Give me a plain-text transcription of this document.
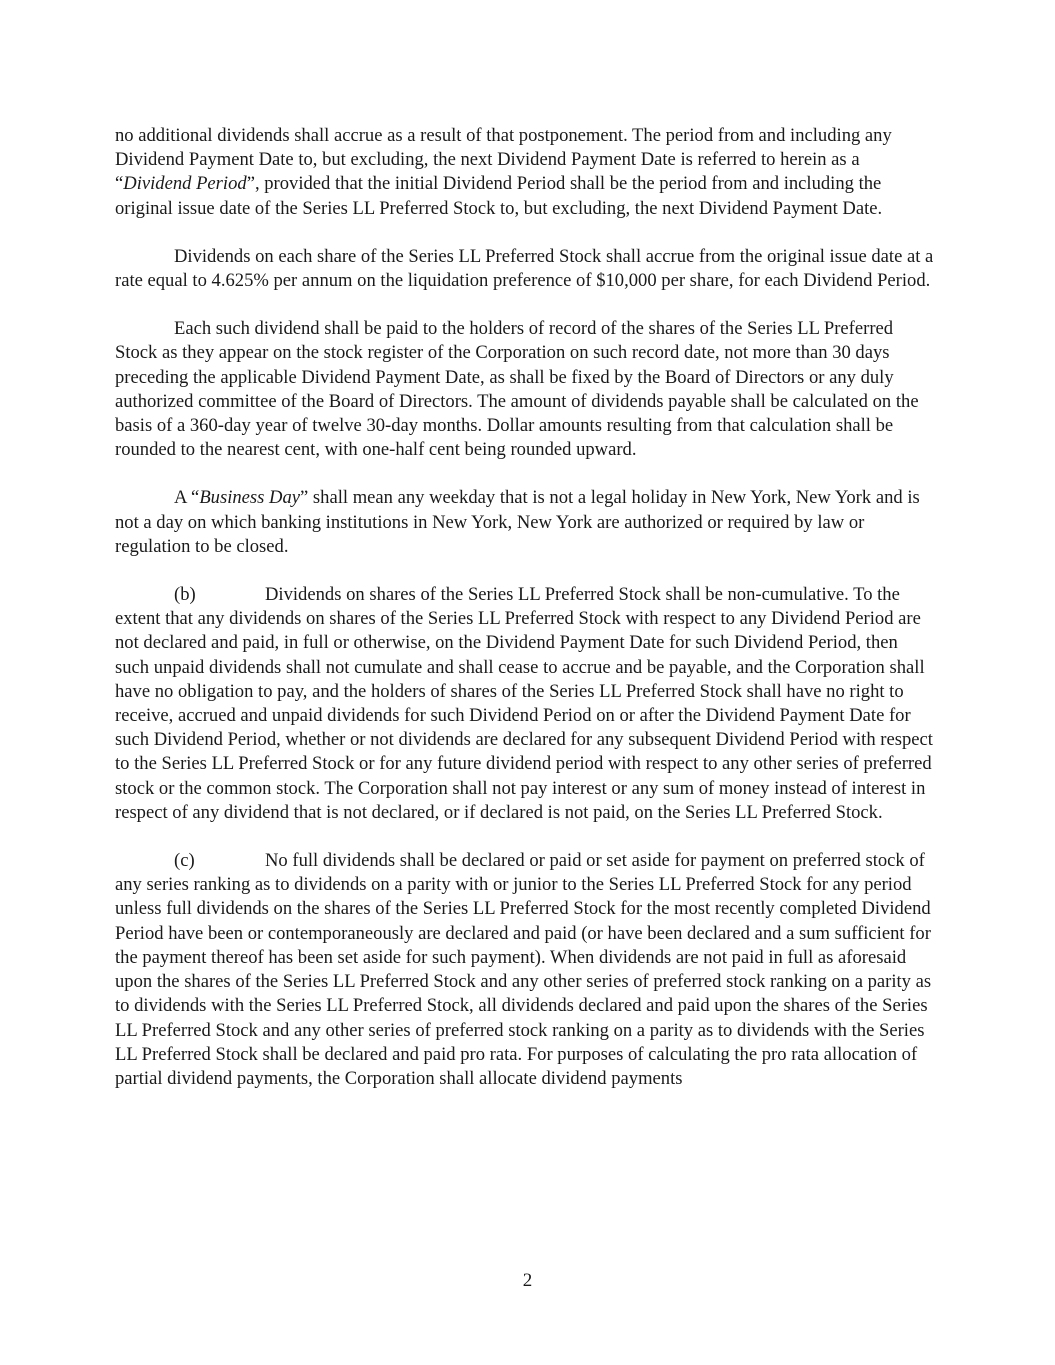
no additional dividends shall accrue as a result of that postponement. The period from and including any Dividend Payment Date to, but excluding, the next Dividend Payment Date is referred to herein as a “Dividend Period”, provided that the initial Dividend Period shall be the period from and including the original issue date of the Series LL Preferred Stock to, but excluding, the next Dividend Payment Date.

Dividends on each share of the Series LL Preferred Stock shall accrue from the original issue date at a rate equal to 4.625% per annum on the liquidation preference of $10,000 per share, for each Dividend Period.

Each such dividend shall be paid to the holders of record of the shares of the Series LL Preferred Stock as they appear on the stock register of the Corporation on such record date, not more than 30 days preceding the applicable Dividend Payment Date, as shall be fixed by the Board of Directors or any duly authorized committee of the Board of Directors. The amount of dividends payable shall be calculated on the basis of a 360-day year of twelve 30-day months. Dollar amounts resulting from that calculation shall be rounded to the nearest cent, with one-half cent being rounded upward.

A “Business Day” shall mean any weekday that is not a legal holiday in New York, New York and is not a day on which banking institutions in New York, New York are authorized or required by law or regulation to be closed.

(b)	Dividends on shares of the Series LL Preferred Stock shall be non-cumulative. To the extent that any dividends on shares of the Series LL Preferred Stock with respect to any Dividend Period are not declared and paid, in full or otherwise, on the Dividend Payment Date for such Dividend Period, then such unpaid dividends shall not cumulate and shall cease to accrue and be payable, and the Corporation shall have no obligation to pay, and the holders of shares of the Series LL Preferred Stock shall have no right to receive, accrued and unpaid dividends for such Dividend Period on or after the Dividend Payment Date for such Dividend Period, whether or not dividends are declared for any subsequent Dividend Period with respect to the Series LL Preferred Stock or for any future dividend period with respect to any other series of preferred stock or the common stock. The Corporation shall not pay interest or any sum of money instead of interest in respect of any dividend that is not declared, or if declared is not paid, on the Series LL Preferred Stock.

(c)	No full dividends shall be declared or paid or set aside for payment on preferred stock of any series ranking as to dividends on a parity with or junior to the Series LL Preferred Stock for any period unless full dividends on the shares of the Series LL Preferred Stock for the most recently completed Dividend Period have been or contemporaneously are declared and paid (or have been declared and a sum sufficient for the payment thereof has been set aside for such payment). When dividends are not paid in full as aforesaid upon the shares of the Series LL Preferred Stock and any other series of preferred stock ranking on a parity as to dividends with the Series LL Preferred Stock, all dividends declared and paid upon the shares of the Series LL Preferred Stock and any other series of preferred stock ranking on a parity as to dividends with the Series LL Preferred Stock shall be declared and paid pro rata. For purposes of calculating the pro rata allocation of partial dividend payments, the Corporation shall allocate dividend payments

2
